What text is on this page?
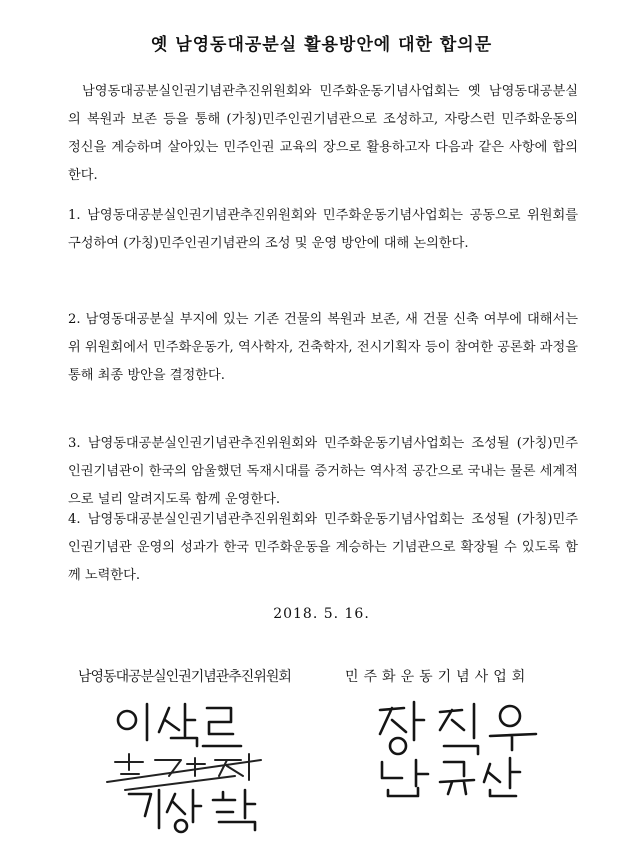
옛 남영동대공분실 활용방안에 대한 합의문

남영동대공분실인권기념관추진위원회와 민주화운동기념사업회는 옛 남영동대공분실의 복원과 보존 등을 통해 (가칭)민주인권기념관으로 조성하고, 자랑스런 민주화운동의 정신을 계승하며 살아있는 민주인권 교육의 장으로 활용하고자 다음과 같은 사항에 합의한다.

1. 남영동대공분실인권기념관추진위원회와 민주화운동기념사업회는 공동으로 위원회를 구성하여 (가칭)민주인권기념관의 조성 및 운영 방안에 대해 논의한다.

2. 남영동대공분실 부지에 있는 기존 건물의 복원과 보존, 새 건물 신축 여부에 대해서는 위 위원회에서 민주화운동가, 역사학자, 건축학자, 전시기획자 등이 참여한 공론화 과정을 통해 최종 방안을 결정한다.

3. 남영동대공분실인권기념관추진위원회와 민주화운동기념사업회는 조성될 (가칭)민주인권기념관이 한국의 암울했던 독재시대를 증거하는 역사적 공간으로 국내는 물론 세계적으로 널리 알려지도록 함께 운영한다.

4. 남영동대공분실인권기념관추진위원회와 민주화운동기념사업회는 조성될 (가칭)민주인권기념관 운영의 성과가 한국 민주화운동을 계승하는 기념관으로 확장될 수 있도록 함께 노력한다.

2018. 5. 16.
남영동대공분실인권기념관추진위원회	민주화운동기념사업회
